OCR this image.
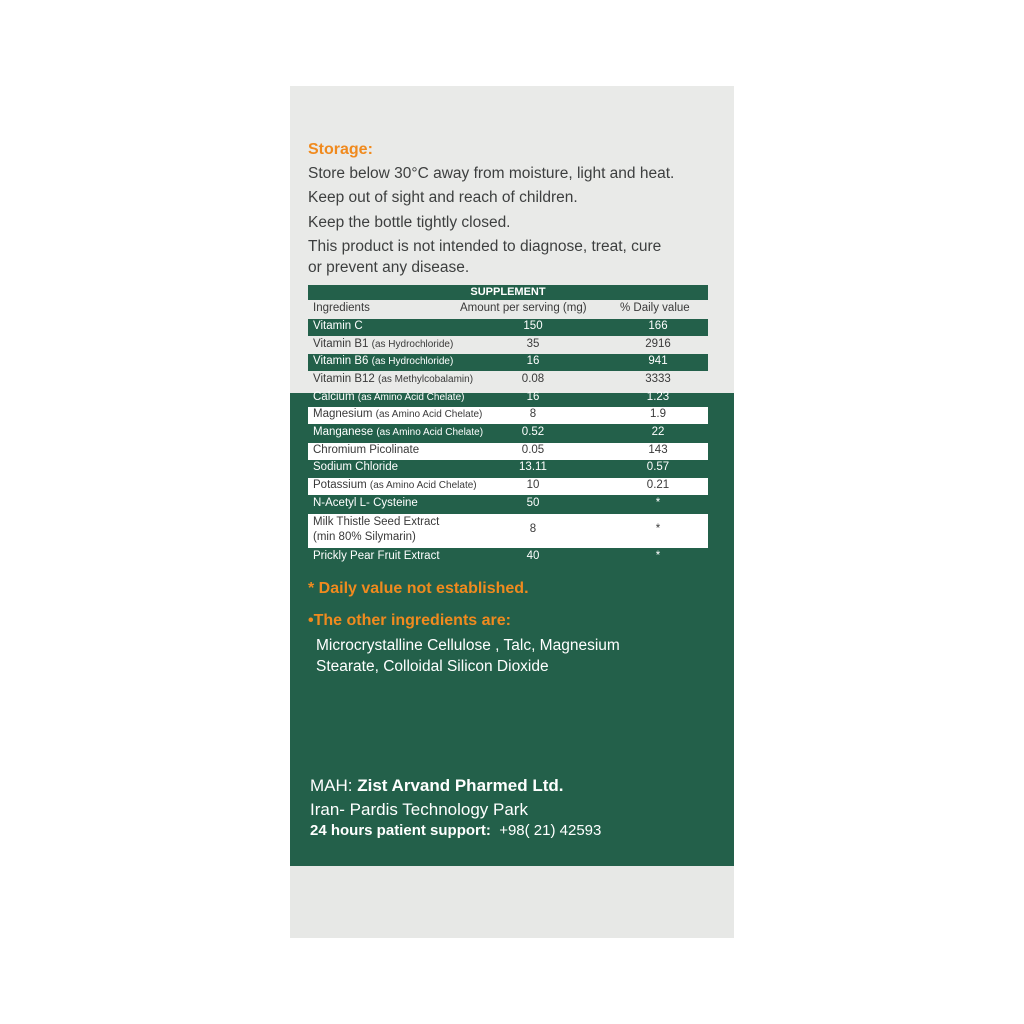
Storage:
Store below 30°C away from moisture, light and heat.
Keep out of sight and reach of children.
Keep the bottle tightly closed.
This product is not intended to diagnose, treat, cure
or prevent any disease.
SUPPLEMENT
Ingredients	Amount per serving (mg)	% Daily value
Vitamin C	150	166
Vitamin B1 (as Hydrochloride)	35	2916
Vitamin B6 (as Hydrochloride)	16	941
Vitamin B12 (as Methylcobalamin)	0.08	3333
Calcium (as Amino Acid Chelate)	16	1.23
Magnesium (as Amino Acid Chelate)	8	1.9
Manganese (as Amino Acid Chelate)	0.52	22
Chromium Picolinate	0.05	143
Sodium Chloride	13.11	0.57
Potassium (as Amino Acid Chelate)	10	0.21
N-Acetyl L- Cysteine	50	*
Milk Thistle Seed Extract
(min 80% Silymarin)
8	*
Prickly Pear Fruit Extract	40	*
* Daily value not established.
•The other ingredients are:
Microcrystalline Cellulose , Talc, Magnesium
Stearate, Colloidal Silicon Dioxide
MAH: Zist Arvand Pharmed Ltd.
Iran- Pardis Technology Park
24 hours patient support: +98( 21) 42593
